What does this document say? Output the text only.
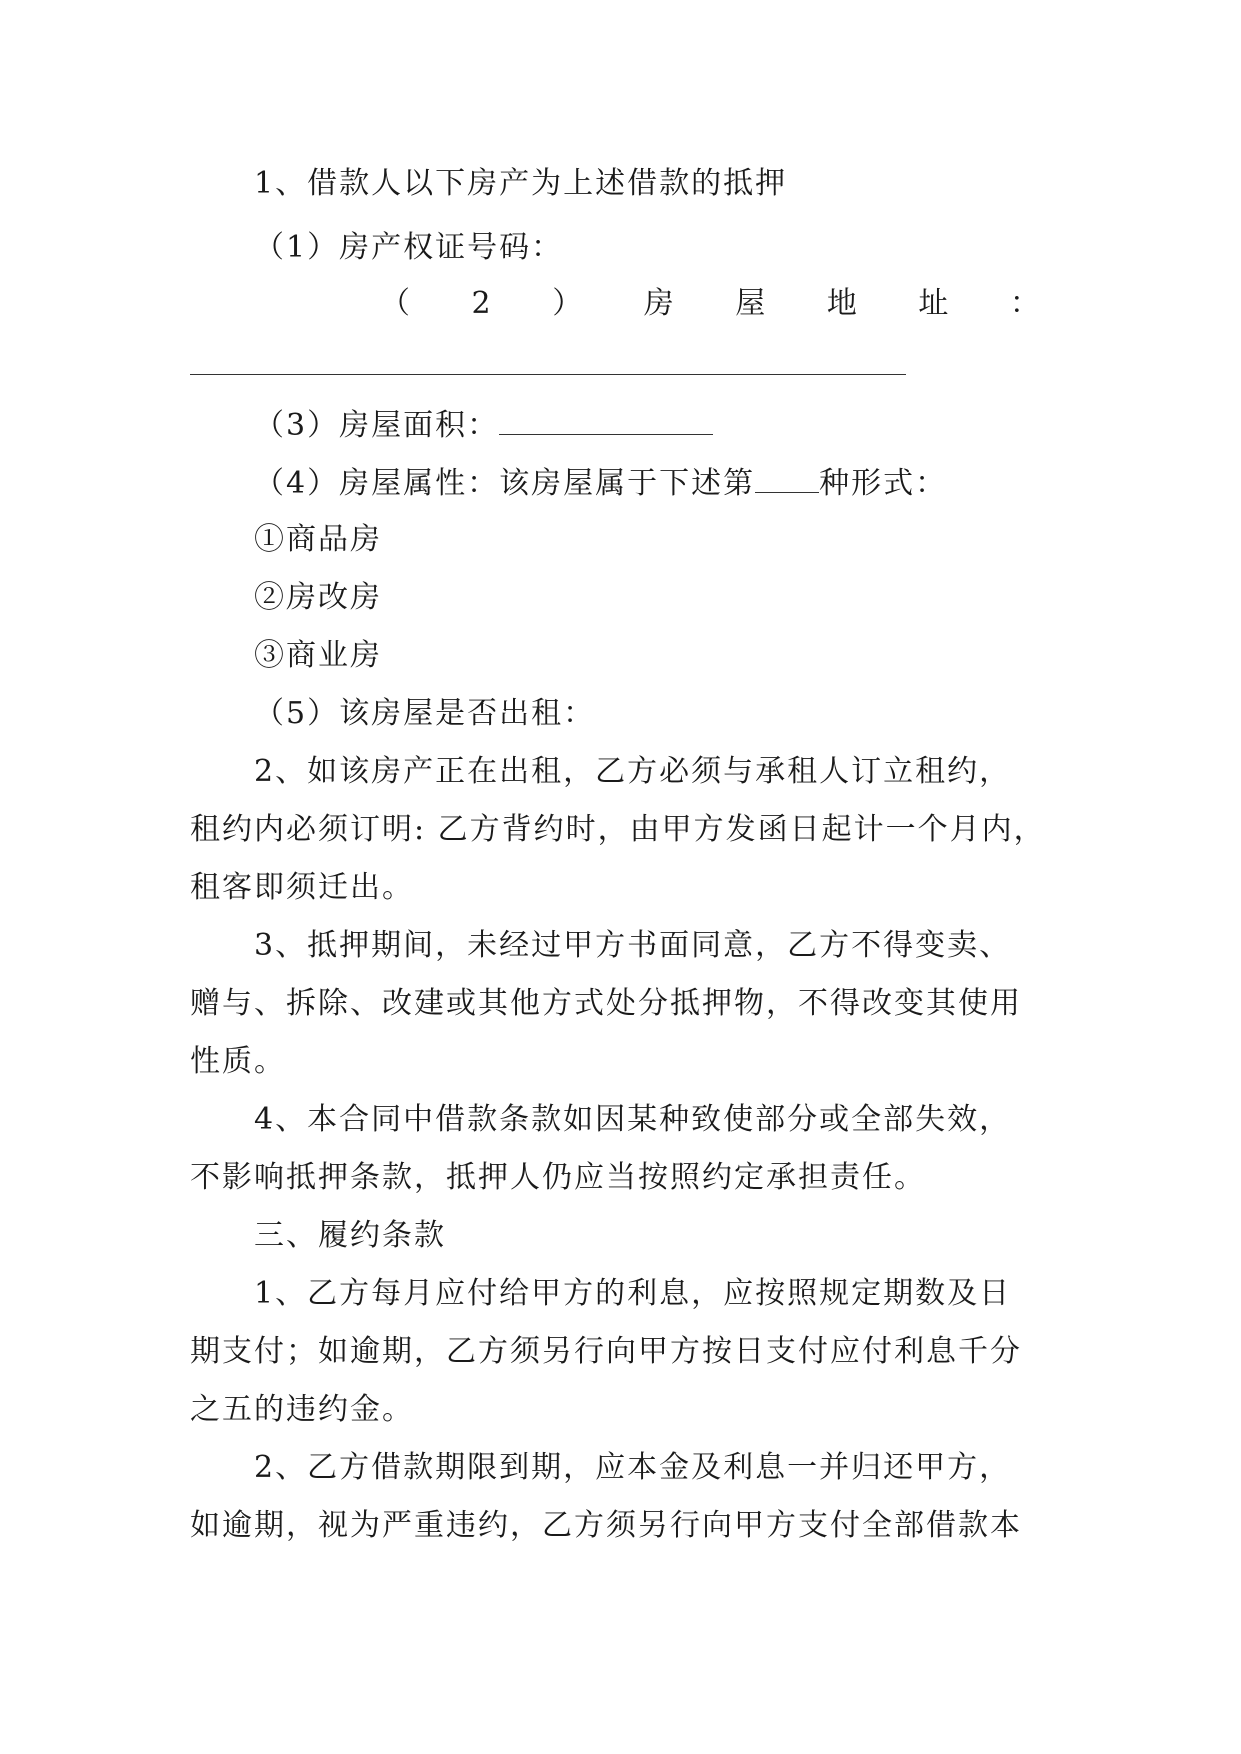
1、借款人以下房产为上述借款的抵押
（1）房产权证号码：
（ 2 ） 房 屋 地 址 ：
（3）房屋面积：
（4）房屋属性：该房屋属于下述第 种形式：
①商品房
②房改房
③商业房
（5）该房屋是否出租：
2、如该房产正在出租，乙方必须与承租人订立租约，
租约内必须订明: 乙方背约时，由甲方发函日起计一个月内，
租客即须迁出。
3、抵押期间，未经过甲方书面同意，乙方不得变卖、
赠与、拆除、改建或其他方式处分抵押物，不得改变其使用
性质。
4、本合同中借款条款如因某种致使部分或全部失效，
不影响抵押条款，抵押人仍应当按照约定承担责任。
三、履约条款
1、乙方每月应付给甲方的利息，应按照规定期数及日
期支付；如逾期，乙方须另行向甲方按日支付应付利息千分
之五的违约金。
2、乙方借款期限到期，应本金及利息一并归还甲方，
如逾期，视为严重违约，乙方须另行向甲方支付全部借款本
